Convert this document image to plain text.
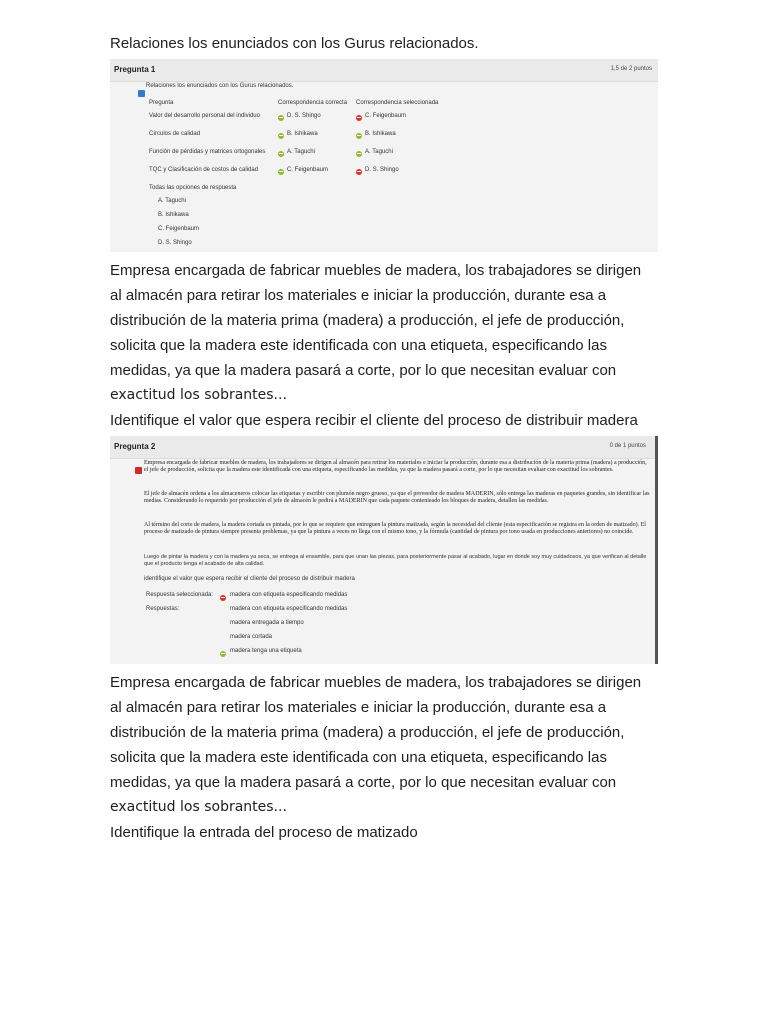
Relaciones los enunciados con los Gurus relacionados.

Pregunta 1	1,5 de 2 puntos
Relaciones los enunciados con los Gurus relacionados.
Pregunta	Correspondencia correcta Correspondencia seleccionada
Valor del desarrollo personal del individuo	D. S. Shingo	C. Feigenbaum
Círculos de calidad	B. Ishikawa	B. Ishikawa
Función de pérdidas y matrices ortogonales	A. Taguchi	A. Taguchi
TQC y Clasificación de costos de calidad	C. Feigenbaum	D. S. Shingo
Todas las opciones de respuesta
A. Taguchi
B. Ishikawa
C. Feigenbaum
D. S. Shingo
Empresa encargada de fabricar muebles de madera, los trabajadores se dirigen
al almacén para retirar los materiales e iniciar la producción, durante esa a
distribución de la materia prima (madera) a producción, el jefe de producción,
solicita que la madera este identificada con una etiqueta, especificando las
medidas, ya que la madera pasará a corte, por lo que necesitan evaluar con
exactitud los sobrantes...
Identifique el valor que espera recibir el cliente del proceso de distribuir madera
Pregunta 2	0 de 1 puntos
Empresa encargada de fabricar muebles de madera, los trabajadores se dirigen al almacén para retirar los materiales e iniciar la producción, durante esa a distribución de la materia prima (madera) a producción, el jefe de producción, solicita que la madera este identificada con una etiqueta, especificando las medidas, ya que la madera pasará a corte, por lo que necesitan evaluar con exactitud los sobrantes.
El jefe de almacén ordena a los almaceneros colocar las etiquetas y escribir con plumón negro grueso, ya que el proveedor de madera MADERIN, sólo entrega las maderas en paquetes grandes, sin identificar las medias. Considerando lo requerido por producción el jefe de almacén le pedirá a MADERIN que cada paquete contenieado los bloques de madera, detallen las medidas.
Al término del corte de madera, la madera cortada es pintada, por lo que se requiere que entreguen la pintura matizada, según la necesidad del cliente (esta especificación se registra en la orden de matizado). El proceso de matizado de pintura siempre presenta problemas, ya que la pintura a veces no llega con el mismo tono, y la fórmula (cantidad de pintura por tono usada en producciones anteriores) no coincide.
Luego de pintar la madera y con la madera ya seca, se entrega al ensamble, para que unan las piezas, para posteriormente pasar al acabado, lugar en donde soy muy cuidadosos, ya que verifican al detalle que el producto tenga el acabado de alta calidad.
identifique el valor que espera recibir el cliente del proceso de distribuir madera
Respuesta seleccionada:	madera con etiqueta especificando medidas
Respuestas:	madera con etiqueta especificando medidas
madera entregada a tiempo
madera cortada
madera tenga una etiqueta
Empresa encargada de fabricar muebles de madera, los trabajadores se dirigen
al almacén para retirar los materiales e iniciar la producción, durante esa a
distribución de la materia prima (madera) a producción, el jefe de producción,
solicita que la madera este identificada con una etiqueta, especificando las
medidas, ya que la madera pasará a corte, por lo que necesitan evaluar con
exactitud los sobrantes...
Identifique la entrada del proceso de matizado
